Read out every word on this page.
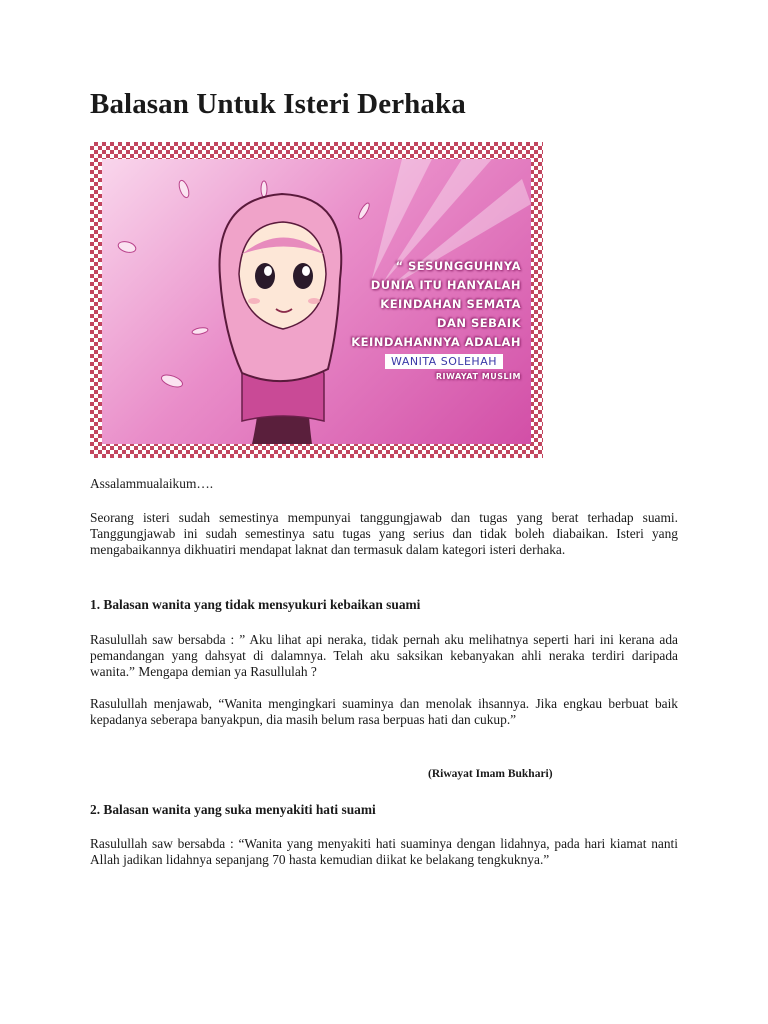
Balasan Untuk Isteri Derhaka
“ SESUNGGUHNYA
DUNIA ITU HANYALAH
KEINDAHAN SEMATA
DAN SEBAIK
KEINDAHANNYA ADALAH
WANITA SOLEHAH
RIWAYAT MUSLIM

Assalammualaikum….

Seorang isteri sudah semestinya mempunyai tanggungjawab dan tugas yang berat terhadap suami. Tanggungjawab ini sudah semestinya satu tugas yang serius dan tidak boleh diabaikan. Isteri yang mengabaikannya dikhuatiri mendapat laknat dan termasuk dalam kategori isteri derhaka.

1. Balasan wanita yang tidak mensyukuri kebaikan suami

Rasulullah saw bersabda : ” Aku lihat api neraka, tidak pernah aku melihatnya seperti hari ini kerana ada pemandangan yang dahsyat di dalamnya. Telah aku saksikan kebanyakan ahli neraka terdiri daripada wanita.” Mengapa demian ya Rasullulah ?

Rasulullah menjawab, “Wanita mengingkari suaminya dan menolak ihsannya. Jika engkau berbuat baik kepadanya seberapa banyakpun, dia masih belum rasa berpuas hati dan cukup.”

(Riwayat Imam Bukhari)
2. Balasan wanita yang suka menyakiti hati suami

Rasulullah saw bersabda : “Wanita yang menyakiti hati suaminya dengan lidahnya, pada hari kiamat nanti Allah jadikan lidahnya sepanjang 70 hasta kemudian diikat ke belakang tengkuknya.”
